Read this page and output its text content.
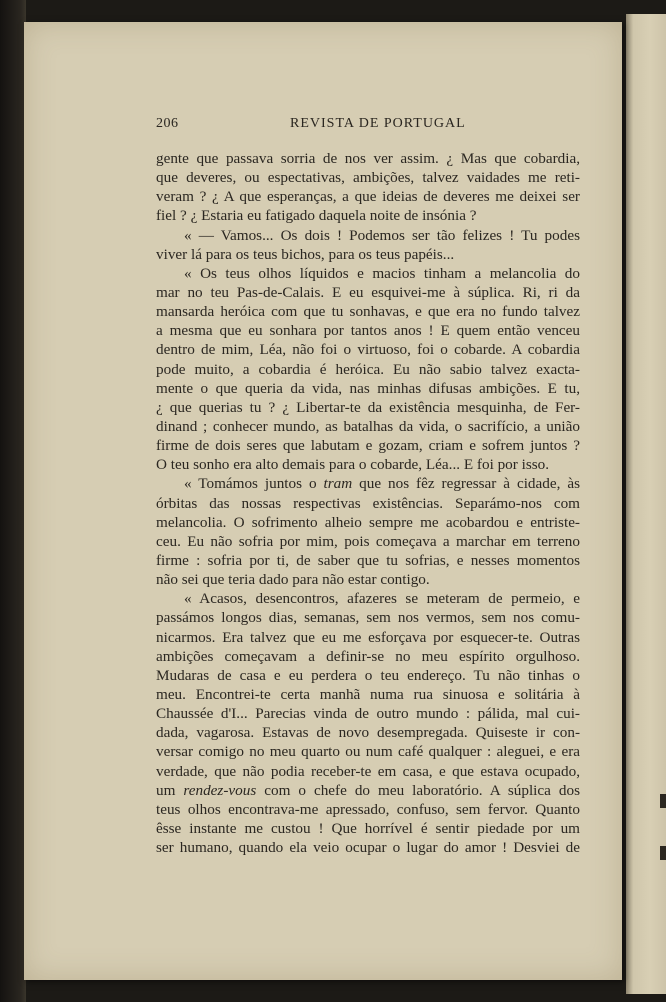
206	REVISTA DE PORTUGAL
gente que passava sorria de nos ver assim. ¿ Mas que cobardia,
que deveres, ou espectativas, ambições, talvez vaidades me reti-
veram ? ¿ A que esperanças, a que ideias de deveres me deixei ser
fiel ? ¿ Estaria eu fatigado daquela noite de insónia ?
« — Vamos... Os dois ! Podemos ser tão felizes ! Tu podes
viver lá para os teus bichos, para os teus papéis...
« Os teus olhos líquidos e macios tinham a melancolia do
mar no teu Pas-de-Calais. E eu esquivei-me à súplica. Ri, ri da
mansarda heróica com que tu sonhavas, e que era no fundo talvez
a mesma que eu sonhara por tantos anos ! E quem então venceu
dentro de mim, Léa, não foi o virtuoso, foi o cobarde. A cobardia
pode muito, a cobardia é heróica. Eu não sabio talvez exacta-
mente o que queria da vida, nas minhas difusas ambições. E tu,
¿ que querias tu ? ¿ Libertar-te da existência mesquinha, de Fer-
dinand ; conhecer mundo, as batalhas da vida, o sacrifício, a união
firme de dois seres que labutam e gozam, criam e sofrem juntos ?
O teu sonho era alto demais para o cobarde, Léa... E foi por isso.
« Tomámos juntos o tram que nos fêz regressar à cidade, às
órbitas das nossas respectivas existências. Separámo-nos com
melancolia. O sofrimento alheio sempre me acobardou e entriste-
ceu. Eu não sofria por mim, pois começava a marchar em terreno
firme : sofria por ti, de saber que tu sofrias, e nesses momentos
não sei que teria dado para não estar contigo.
« Acasos, desencontros, afazeres se meteram de permeio, e
passámos longos dias, semanas, sem nos vermos, sem nos comu-
nicarmos. Era talvez que eu me esforçava por esquecer-te. Outras
ambições começavam a definir-se no meu espírito orgulhoso.
Mudaras de casa e eu perdera o teu endereço. Tu não tinhas o
meu. Encontrei-te certa manhã numa rua sinuosa e solitária à
Chaussée d'I... Parecias vinda de outro mundo : pálida, mal cui-
dada, vagarosa. Estavas de novo desempregada. Quiseste ir con-
versar comigo no meu quarto ou num café qualquer : aleguei, e era
verdade, que não podia receber-te em casa, e que estava ocupado,
um rendez-vous com o chefe do meu laboratório. A súplica dos
teus olhos encontrava-me apressado, confuso, sem fervor. Quanto
êsse instante me custou ! Que horrível é sentir piedade por um
ser humano, quando ela veio ocupar o lugar do amor ! Desviei de
